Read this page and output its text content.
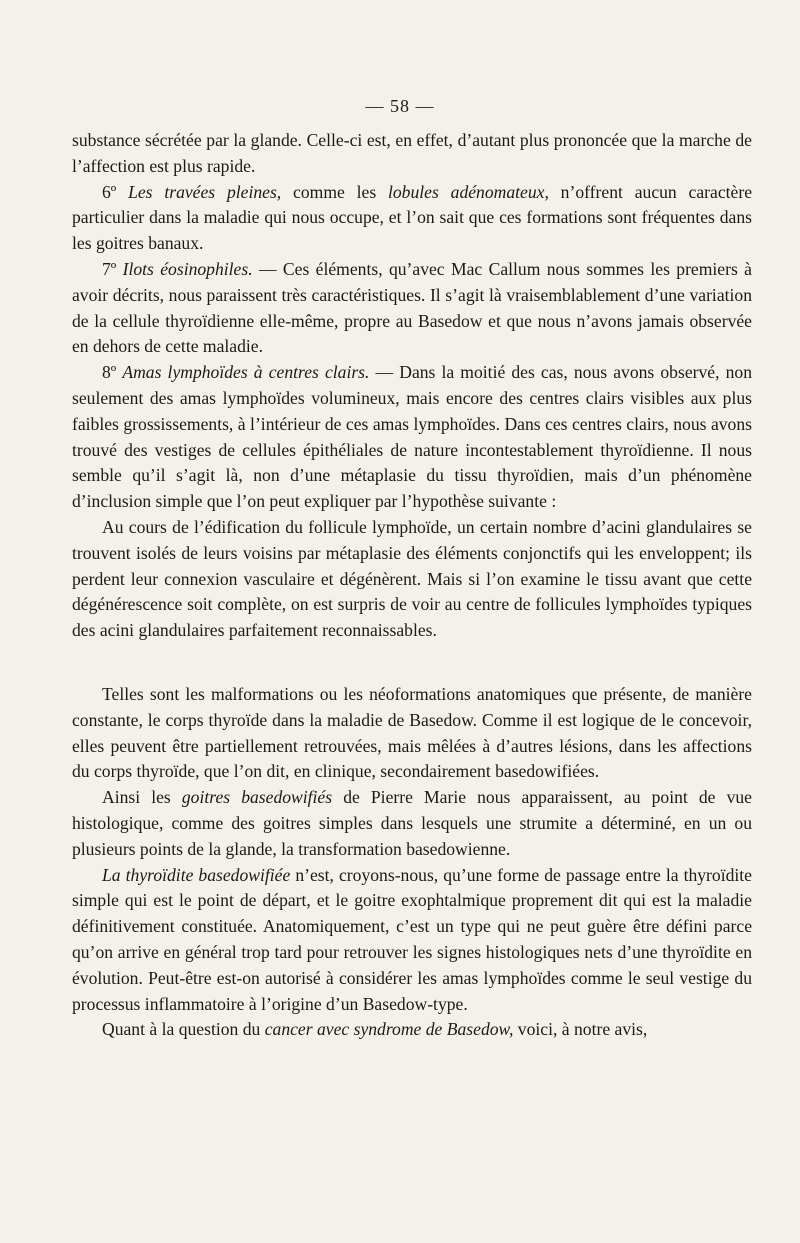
— 58 —

substance sécrétée par la glande. Celle-ci est, en effet, d’autant plus prononcée que la marche de l’affection est plus rapide.

6º Les travées pleines, comme les lobules adénomateux, n’offrent aucun caractère particulier dans la maladie qui nous occupe, et l’on sait que ces formations sont fréquentes dans les goitres banaux.

7º Ilots éosinophiles. — Ces éléments, qu’avec Mac Callum nous sommes les premiers à avoir décrits, nous paraissent très caractéristiques. Il s’agit là vraisemblablement d’une variation de la cellule thyroïdienne elle-même, propre au Basedow et que nous n’avons jamais observée en dehors de cette maladie.

8º Amas lymphoïdes à centres clairs. — Dans la moitié des cas, nous avons observé, non seulement des amas lymphoïdes volumineux, mais encore des centres clairs visibles aux plus faibles grossissements, à l’intérieur de ces amas lymphoïdes. Dans ces centres clairs, nous avons trouvé des vestiges de cellules épithéliales de nature incontestablement thyroïdienne. Il nous semble qu’il s’agit là, non d’une métaplasie du tissu thyroïdien, mais d’un phénomène d’inclusion simple que l’on peut expliquer par l’hypothèse suivante :

Au cours de l’édification du follicule lymphoïde, un certain nombre d’acini glandulaires se trouvent isolés de leurs voisins par métaplasie des éléments conjonctifs qui les enveloppent; ils perdent leur connexion vasculaire et dégénèrent. Mais si l’on examine le tissu avant que cette dégénérescence soit complète, on est surpris de voir au centre de follicules lymphoïdes typiques des acini glandulaires parfaitement reconnaissables.

Telles sont les malformations ou les néoformations anatomiques que présente, de manière constante, le corps thyroïde dans la maladie de Basedow. Comme il est logique de le concevoir, elles peuvent être partiellement retrouvées, mais mêlées à d’autres lésions, dans les affections du corps thyroïde, que l’on dit, en clinique, secondairement basedowifiées.

Ainsi les goitres basedowifiés de Pierre Marie nous apparaissent, au point de vue histologique, comme des goitres simples dans lesquels une strumite a déterminé, en un ou plusieurs points de la glande, la transformation basedowienne.

La thyroïdite basedowifiée n’est, croyons-nous, qu’une forme de passage entre la thyroïdite simple qui est le point de départ, et le goitre exophtalmique proprement dit qui est la maladie définitivement constituée. Anatomiquement, c’est un type qui ne peut guère être défini parce qu’on arrive en général trop tard pour retrouver les signes histologiques nets d’une thyroïdite en évolution. Peut-être est-on autorisé à considérer les amas lymphoïdes comme le seul vestige du processus inflammatoire à l’origine d’un Basedow-type.

Quant à la question du cancer avec syndrome de Basedow, voici, à notre avis,
